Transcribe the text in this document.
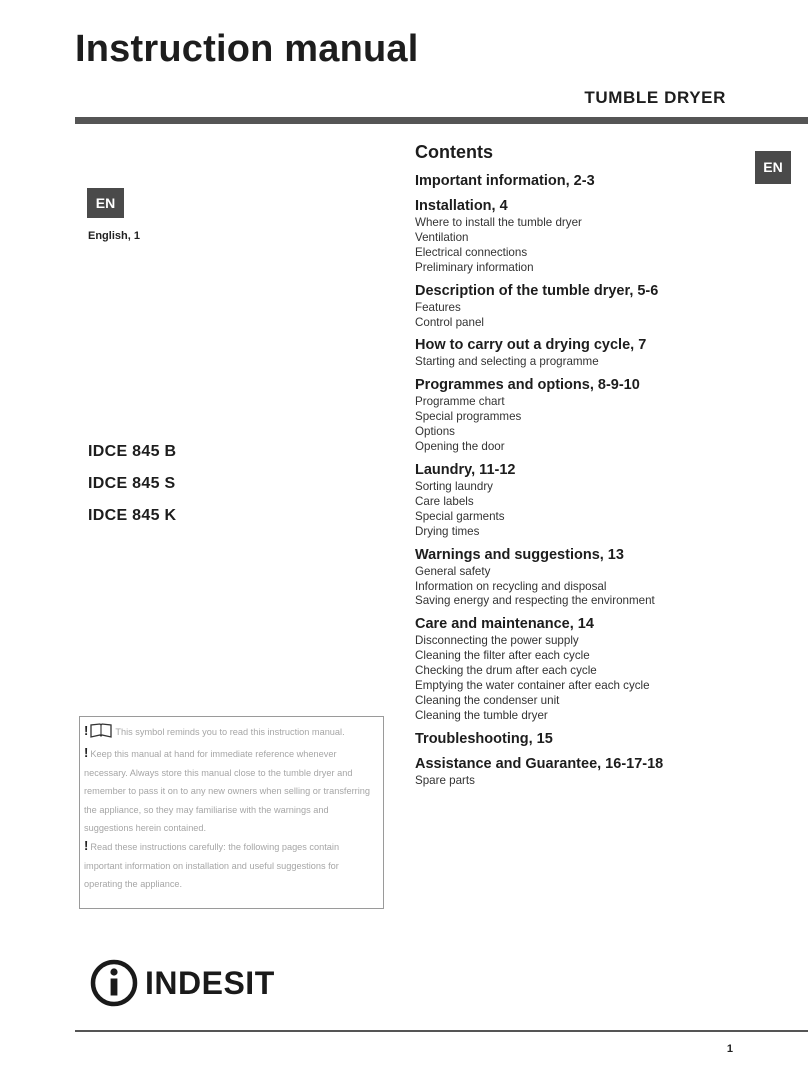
Instruction manual
TUMBLE DRYER
EN
English, 1
EN
IDCE 845 B
IDCE 845 S
IDCE 845 K
Contents
Important information, 2-3
Installation, 4
Where to install the tumble dryer
Ventilation
Electrical connections
Preliminary information
Description of the tumble dryer, 5-6
Features
Control panel
How to carry out a drying cycle, 7
Starting and selecting a programme
Programmes and options, 8-9-10
Programme chart
Special programmes
Options
Opening the door
Laundry, 11-12
Sorting laundry
Care labels
Special garments
Drying times
Warnings and suggestions, 13
General safety
Information on recycling and disposal
Saving energy and respecting the environment
Care and maintenance, 14
Disconnecting the power supply
Cleaning the filter after each cycle
Checking the drum after each cycle
Emptying the water container after each cycle
Cleaning the condenser unit
Cleaning the tumble dryer
Troubleshooting, 15
Assistance and Guarantee, 16-17-18
Spare parts

!	This symbol reminds you to read this instruction manual.

! Keep this manual at hand for immediate reference whenever necessary. Always store this manual close to the tumble dryer and remember to pass it on to any new owners when selling or transferring the appliance, so they may familiarise with the warnings and suggestions herein contained.

! Read these instructions carefully: the following pages contain important information on installation and useful suggestions for operating the appliance.

INDESIT
1
